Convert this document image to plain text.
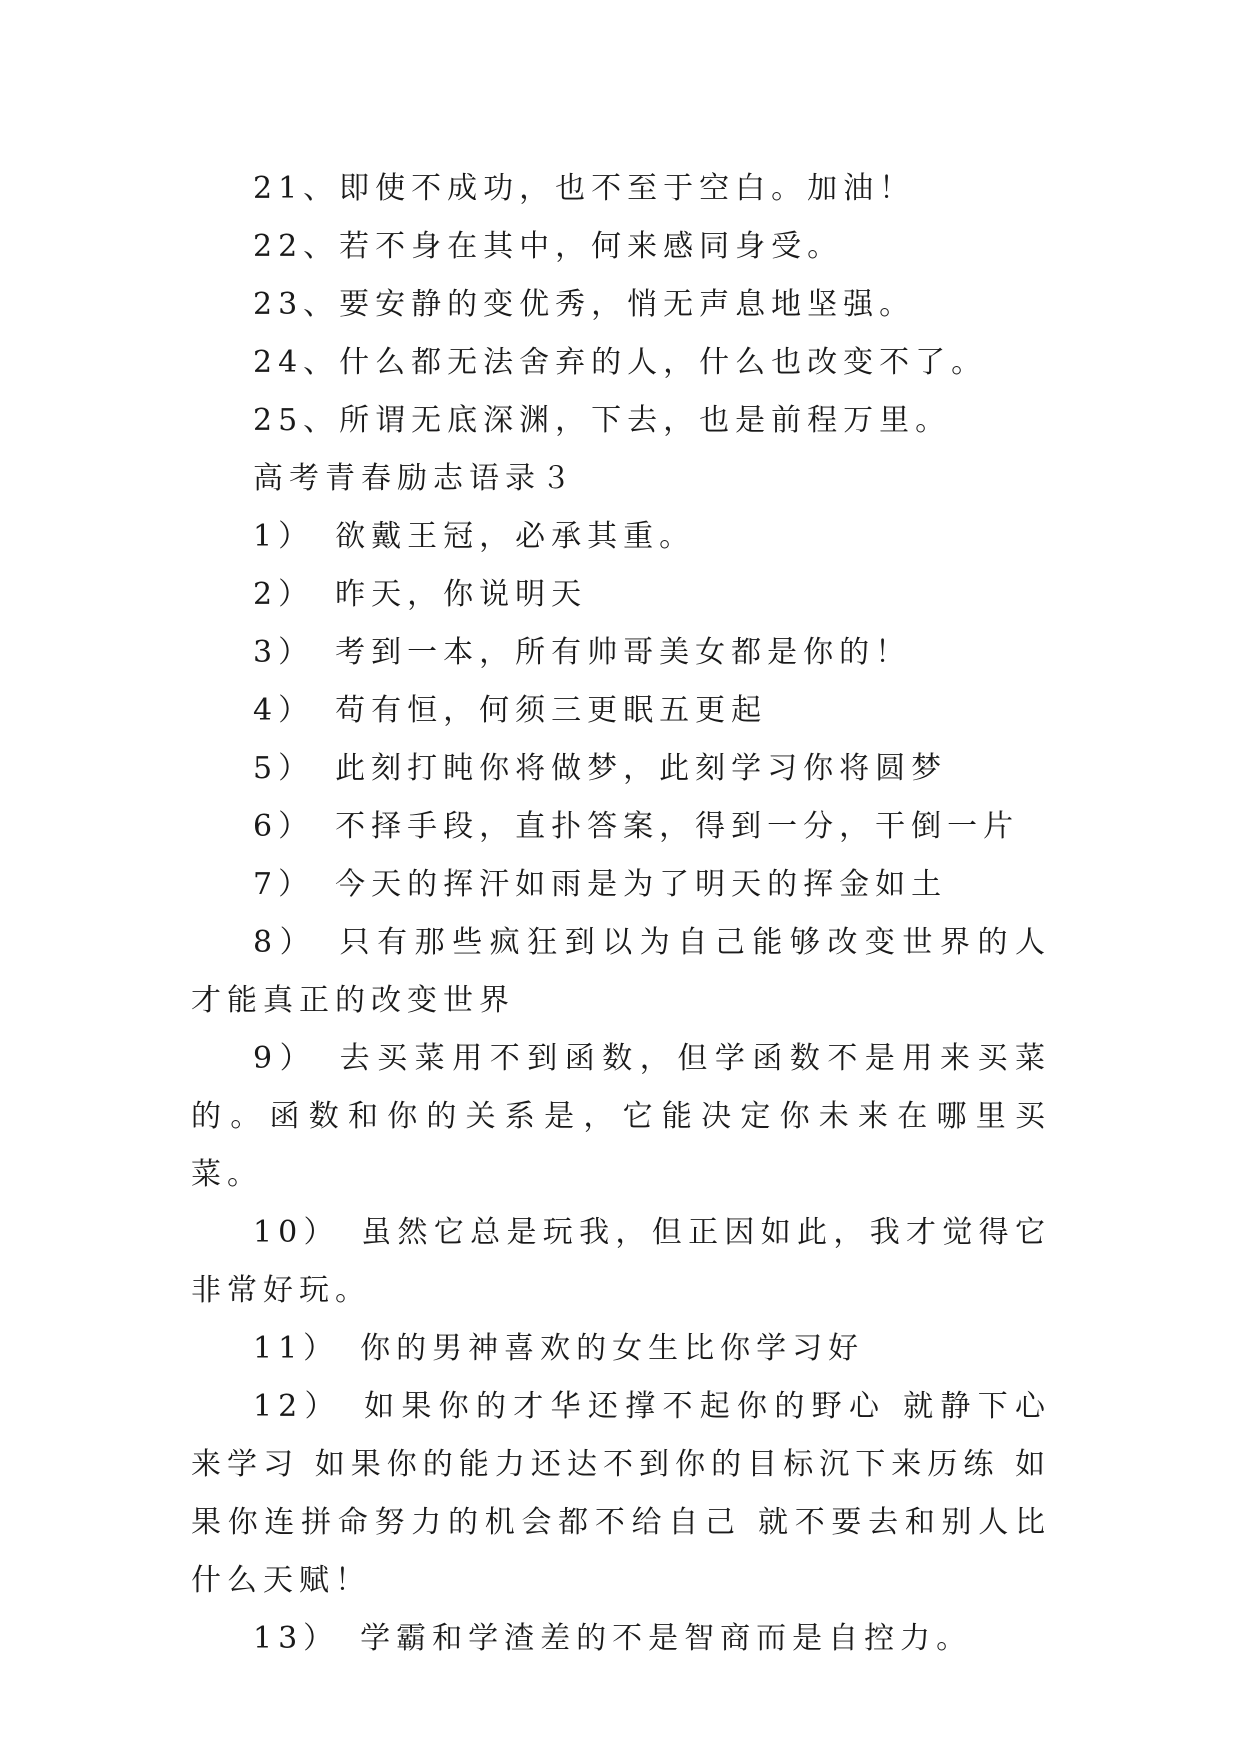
21、即使不成功，也不至于空白。加油！

22、若不身在其中，何来感同身受。

23、要安静的变优秀，悄无声息地坚强。

24、什么都无法舍弃的人，什么也改变不了。

25、所谓无底深渊，下去，也是前程万里。

高考青春励志语录３

1）　欲戴王冠，必承其重。

2）　昨天，你说明天

3）　考到一本，所有帅哥美女都是你的！

4）　苟有恒，何须三更眠五更起

5）　此刻打盹你将做梦，此刻学习你将圆梦

6）　不择手段，直扑答案，得到一分，干倒一片

7）　今天的挥汗如雨是为了明天的挥金如土

8）　只有那些疯狂到以为自己能够改变世界的人 才能真正的改变世界

9）　去买菜用不到函数，但学函数不是用来买菜的。函数和你的关系是，它能决定你未来在哪里买菜。

10）　虽然它总是玩我，但正因如此，我才觉得它非常好玩。

11）　你的男神喜欢的女生比你学习好

12）　如果你的才华还撑不起你的野心 就静下心来学习 如果你的能力还达不到你的目标沉下来历练 如果你连拼命努力的机会都不给自己 就不要去和别人比什么天赋！

13）　学霸和学渣差的不是智商而是自控力。
